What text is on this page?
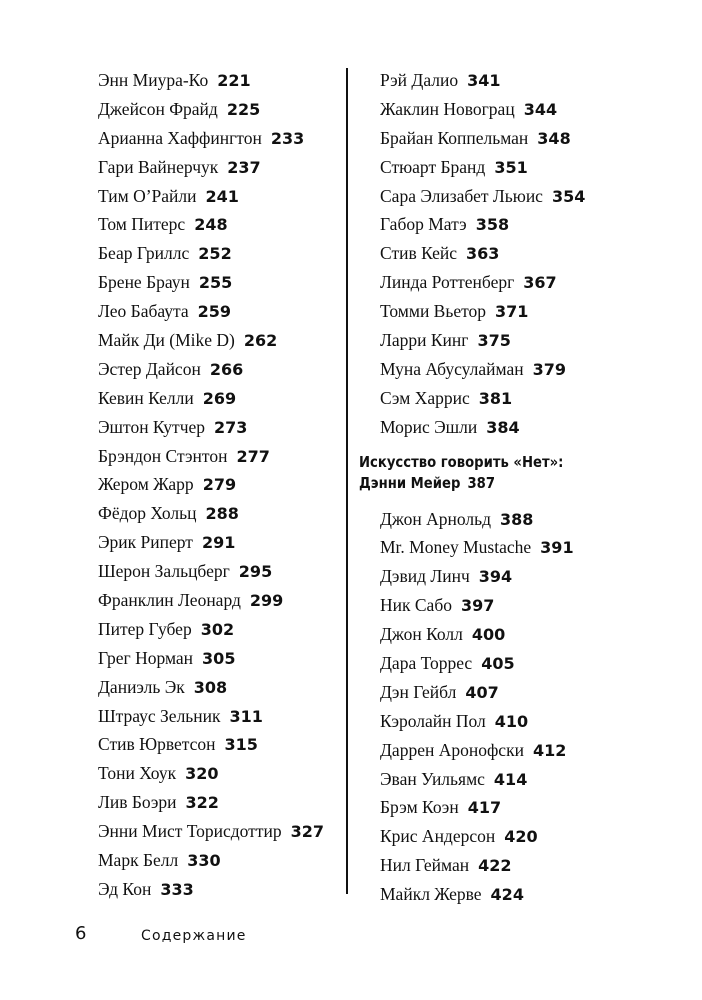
Энн Миура-Ко 221
Джейсон Фрайд 225
Арианна Хаффингтон 233
Гари Вайнерчук 237
Тим О’Райли 241
Том Питерс 248
Беар Гриллс 252
Брене Браун 255
Лео Бабаута 259
Майк Ди (Mike D) 262
Эстер Дайсон 266
Кевин Келли 269
Эштон Кутчер 273
Брэндон Стэнтон 277
Жером Жарр 279
Фёдор Хольц 288
Эрик Риперт 291
Шерон Зальцберг 295
Франклин Леонард 299
Питер Губер 302
Грег Норман 305
Даниэль Эк 308
Штраус Зельник 311
Стив Юрветсон 315
Тони Хоук 320
Лив Боэри 322
Энни Мист Торисдоттир 327
Марк Белл 330
Эд Кон 333
Рэй Далио 341
Жаклин Новограц 344
Брайан Коппельман 348
Стюарт Бранд 351
Сара Элизабет Льюис 354
Габор Матэ 358
Стив Кейс 363
Линда Роттенберг 367
Томми Вьетор 371
Ларри Кинг 375
Муна Абусулайман 379
Сэм Харрис 381
Морис Эшли 384
Искусство говорить «Нет»:
Дэнни Мейер 387
Джон Арнольд 388
Mr. Money Mustache 391
Дэвид Линч 394
Ник Сабо 397
Джон Колл 400
Дара Торрес 405
Дэн Гейбл 407
Кэролайн Пол 410
Даррен Аронофски 412
Эван Уильямс 414
Брэм Коэн 417
Крис Андерсон 420
Нил Гейман 422
Майкл Жерве 424
6	Содержание
